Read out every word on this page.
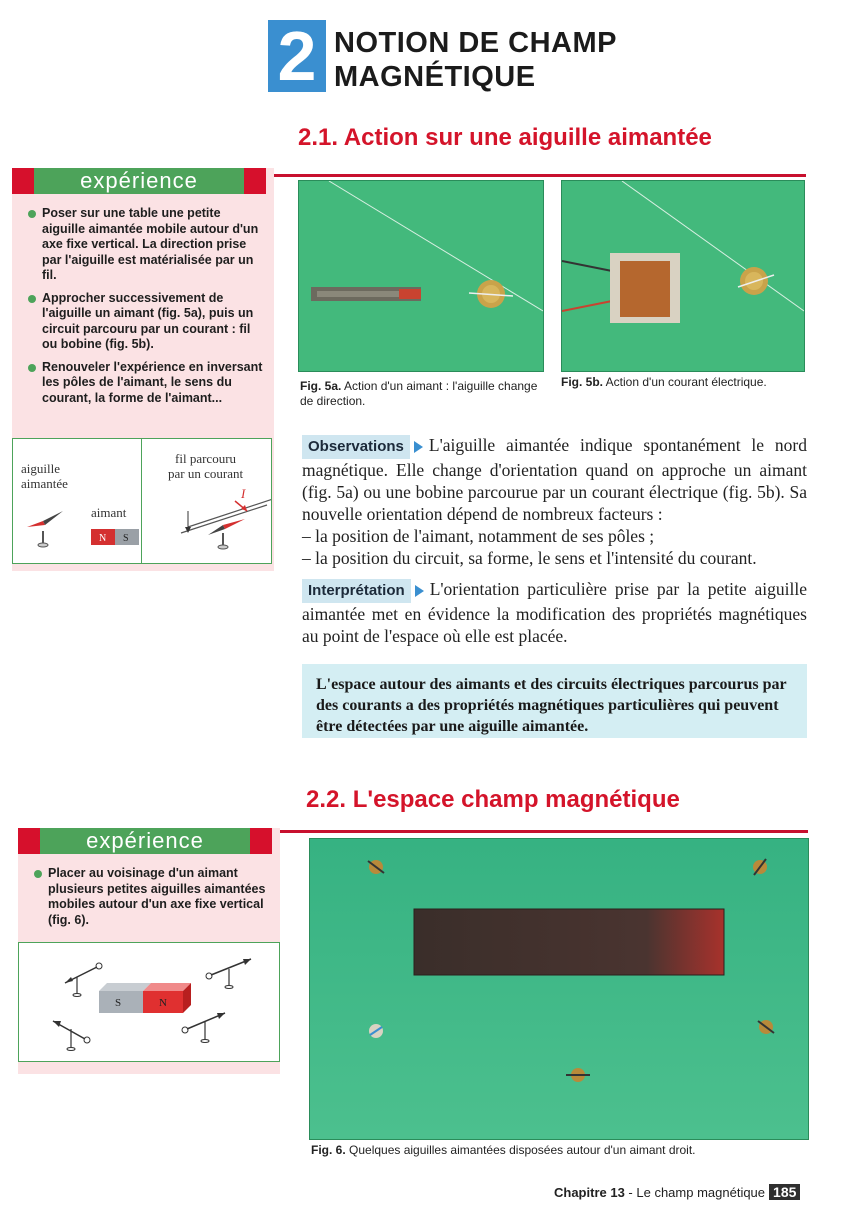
2 NOTION DE CHAMP
MAGNÉTIQUE
2.1. Action sur une aiguille aimantée
expérience
Poser sur une table une petite aiguille aimantée mobile autour d'un axe fixe vertical. La direction prise par l'aiguille est matérialisée par un fil.
Approcher successivement de l'aiguille un aimant (fig. 5a), puis un circuit parcouru par un courant : fil ou bobine (fig. 5b).
Renouveler l'expérience en inversant les pôles de l'aimant, le sens du courant, la forme de l'aimant...
aiguille
aimantée
aimant
N S
fil parcouru
par un courant
I
Fig. 5a. Action d'un aimant : l'aiguille change de direction.
Fig. 5b. Action d'un courant électrique.
Observations L'aiguille aimantée indique spontanément le nord magnétique. Elle change d'orientation quand on approche un aimant (fig. 5a) ou une bobine parcourue par un courant électrique (fig. 5b). Sa nouvelle orientation dépend de nombreux facteurs :
– la position de l'aimant, notamment de ses pôles ;
– la position du circuit, sa forme, le sens et l'intensité du courant.
Interprétation L'orientation particulière prise par la petite aiguille aimantée met en évidence la modification des propriétés magnétiques au point de l'espace où elle est placée.
L'espace autour des aimants et des circuits électriques parcourus par des courants a des propriétés magnétiques particulières qui peuvent être détectées par une aiguille aimantée.
2.2. L'espace champ magnétique
expérience
Placer au voisinage d'un aimant plusieurs petites aiguilles aimantées mobiles autour d'un axe fixe vertical (fig. 6).
S	N
Fig. 6. Quelques aiguilles aimantées disposées autour d'un aimant droit.
Chapitre 13 - Le champ magnétique 185
